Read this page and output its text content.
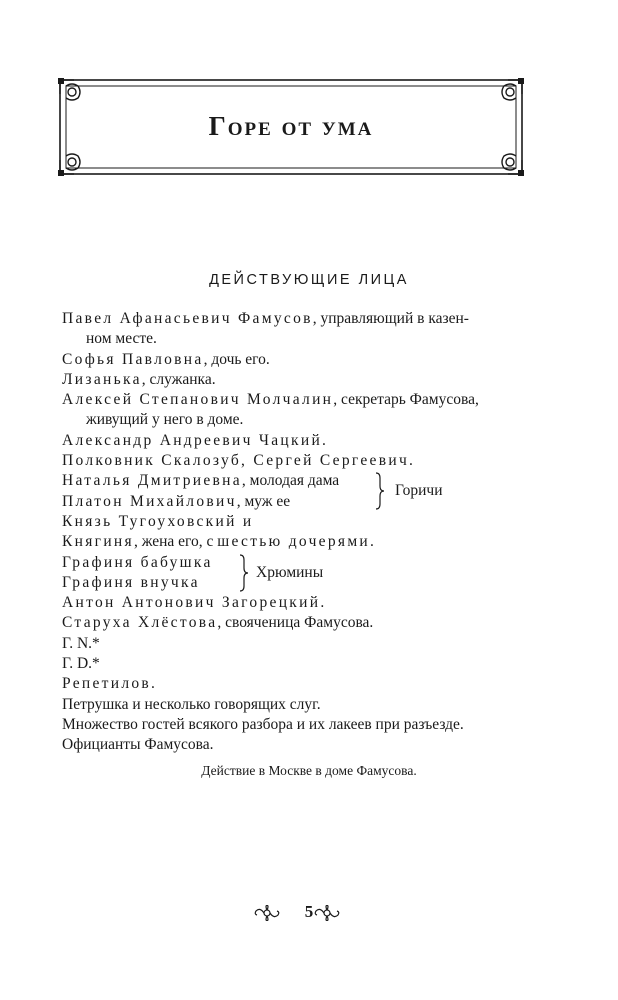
Горе от ума
ДЕЙСТВУЮЩИЕ ЛИЦА
Павел Афанасьевич Фамусов, управляющий в казен-
ном месте.
Софья Павловна, дочь его.
Лизанька, служанка.
Алексей Степанович Молчалин, секретарь Фамусова,
живущий у него в доме.
Александр Андреевич Чацкий.
Полковник Скалозуб, Сергей Сергеевич.
Наталья Дмитриевна, молодая дама
Платон Михайлович, муж ее
Горичи
Князь Тугоуховский и
Княгиня, жена его, с шестью дочерями.
Графиня бабушка
Графиня внучка
Хрюмины
Антон Антонович Загорецкий.
Старуха Хлёстова, свояченица Фамусова.
Г. N.*
Г. D.*
Репетилов.
Петрушка и несколько говорящих слуг.
Множество гостей всякого разбора и их лакеев при разъезде.
Официанты Фамусова.
Действие в Москве в доме Фамусова.
5
